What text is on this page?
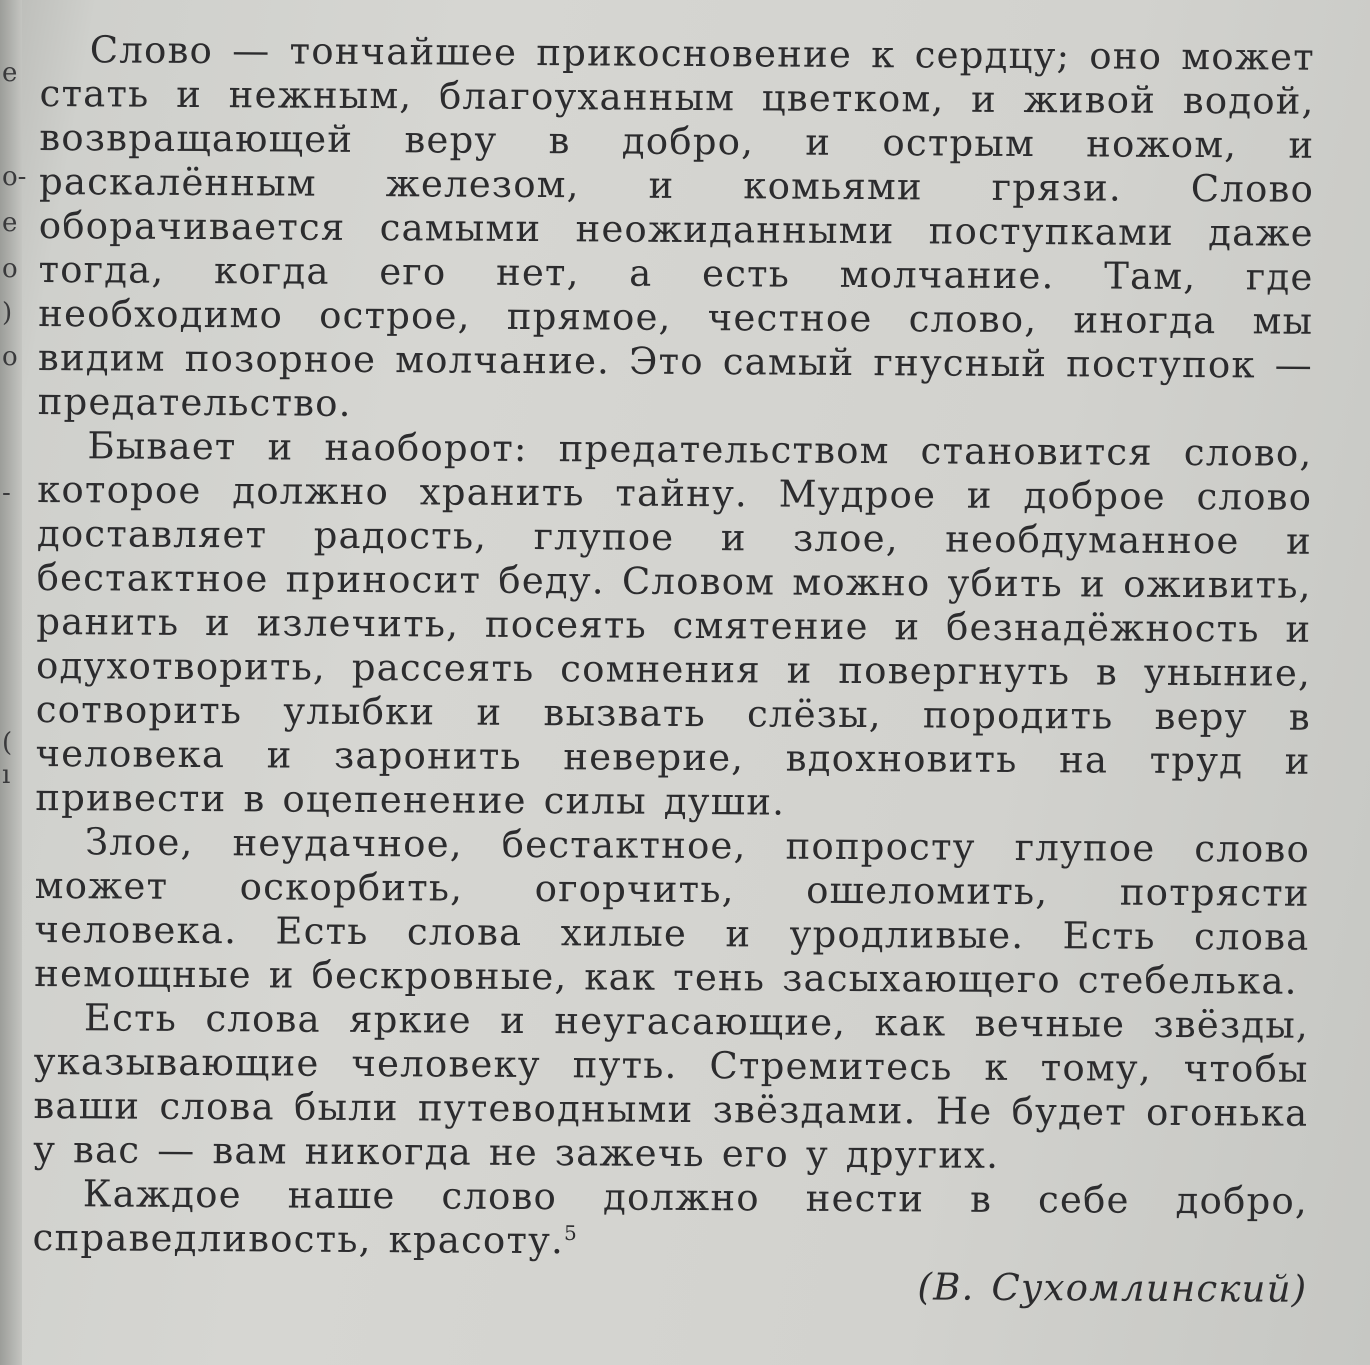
е
о-
е
о
)
о
-
(
ı

Слово — тончайшее прикосновение к сердцу; оно может стать и нежным, благоуханным цветком, и живой водой, возвращающей веру в добро, и острым ножом, и раскалённым железом, и комьями грязи. Слово оборачивается самыми неожиданными поступками даже тогда, когда его нет, а есть молчание. Там, где необходимо острое, прямое, честное слово, иногда мы видим позорное молчание. Это самый гнусный поступок — предательство.

Бывает и наоборот: предательством становится слово, которое должно хранить тайну. Мудрое и доброе слово доставляет радость, глупое и злое, необдуманное и бестактное приносит беду. Словом можно убить и оживить, ранить и излечить, посеять смятение и безнадёжность и одухотворить, рассеять сомнения и повергнуть в уныние, сотворить улыбки и вызвать слёзы, породить веру в человека и заронить неверие, вдохновить на труд и привести в оцепенение силы души.

Злое, неудачное, бестактное, попросту глупое слово может оскорбить, огорчить, ошеломить, потрясти человека. Есть слова хилые и уродливые. Есть слова немощные и бескровные, как тень засыхающего стебелька.

Есть слова яркие и неугасающие, как вечные звёзды, указывающие человеку путь. Стремитесь к тому, чтобы ваши слова были путеводными звёздами. Не будет огонька у вас — вам никогда не зажечь его у других.

Каждое наше слово должно нести в себе добро, справедливость, красоту.$^5$

(В. Сухомлинский)
